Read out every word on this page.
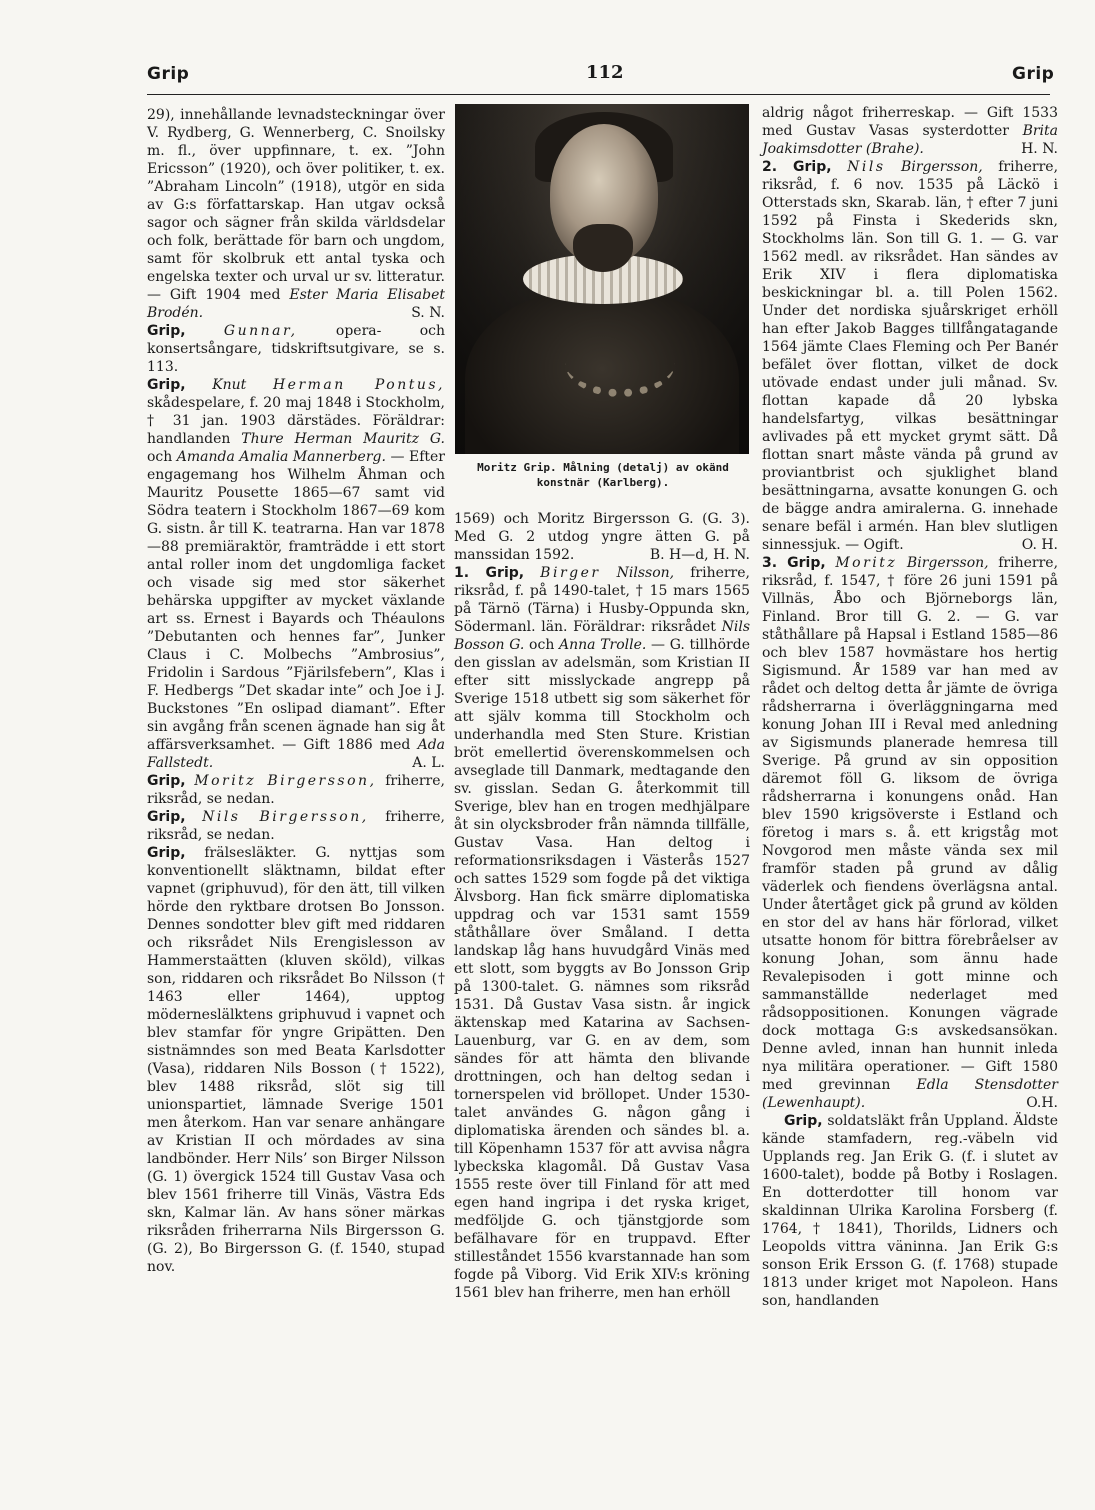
Grip	112	Grip

29), innehållande levnadsteckningar över V. Rydberg, G. Wennerberg, C. Snoilsky m. fl., över uppfinnare, t. ex. ”John Ericsson” (1920), och över politiker, t. ex. ”Abraham Lincoln” (1918), utgör en sida av G:s författarskap. Han utgav också sagor och sägner från skilda världsdelar och folk, berättade för barn och ungdom, samt för skolbruk ett antal tyska och engelska texter och urval ur sv. litteratur. — Gift 1904 med Ester Maria Elisabet Brodén.	S. N.

Grip,	Gunnar, opera- och konsertsångare, tidskriftsutgivare, se s. 113.

Grip, Knut Herman Pontus, skådespelare, f. 20 maj 1848 i Stockholm, † 31 jan. 1903 därstädes. Föräldrar: handlanden Thure Herman Mauritz G. och Amanda Amalia Mannerberg. — Efter engagemang hos Wilhelm Åhman och Mauritz Pousette 1865—67 samt vid Södra teatern i Stockholm 1867—69 kom G. sistn. år till K. teatrarna. Han var 1878—88 premiäraktör, framträdde i ett stort antal roller inom det ungdomliga facket och visade sig med stor säkerhet behärska uppgifter av mycket växlande art ss. Ernest i Bayards och Théaulons ”Debutanten och hennes far”, Junker Claus i C. Molbechs ”Ambrosius”, Fridolin i Sardous ”Fjärilsfebern”, Klas i F. Hedbergs ”Det skadar inte” och Joe i J. Buckstones ”En oslipad diamant”. Efter sin avgång från scenen ägnade han sig åt affärsverksamhet. — Gift 1886 med Ada Fallstedt.	A. L.

Grip, Moritz Birgersson, friherre, riksråd, se nedan.

Grip, Nils Birgersson, friherre, riksråd, se nedan.

Grip, frälsesläkter. G. nyttjas som konventionellt släktnamn, bildat efter vapnet (griphuvud), för den ätt, till vilken hörde den ryktbare drotsen Bo Jonsson. Dennes sondotter blev gift med riddaren och riksrådet Nils Erengislesson av Hammerstaätten (kluven sköld), vilkas son, riddaren och riksrådet Bo Nilsson († 1463 eller 1464), upptog möderneslälktens griphuvud i vapnet och blev stamfar för yngre Gripätten. Den sistnämndes son med Beata Karlsdotter (Vasa), riddaren Nils Bosson († 1522), blev 1488 riksråd, slöt sig till unionspartiet, lämnade Sverige 1501 men återkom. Han var senare anhängare av Kristian II och mördades av sina landbönder. Herr Nils’ son Birger Nilsson (G. 1) övergick 1524 till Gustav Vasa och blev 1561 friherre till Vinäs, Västra Eds skn, Kalmar län. Av hans söner märkas riksråden friherrarna Nils Birgersson G. (G. 2), Bo Birgersson G. (f. 1540, stupad nov.

Moritz Grip. Målning (detalj) av okänd
konstnär (Karlberg).

1569) och Moritz Birgersson G. (G. 3). Med G. 2 utdog yngre ätten G. på manssidan 1592.	B. H—d, H. N.

1. Grip, Birger Nilsson, friherre, riksråd, f. på 1490-talet, † 15 mars 1565 på Tärnö (Tärna) i Husby-Oppunda skn, Södermanl. län. Föräldrar: riksrådet Nils Bosson G. och Anna Trolle. — G. tillhörde den gisslan av adelsmän, som Kristian II efter sitt misslyckade angrepp på Sverige 1518 utbett sig som säkerhet för att själv komma till Stockholm och underhandla med Sten Sture. Kristian bröt emellertid överenskommelsen och avseglade till Danmark, medtagande den sv. gisslan. Sedan G. återkommit till Sverige, blev han en trogen medhjälpare åt sin olycksbroder från nämnda tillfälle, Gustav Vasa. Han deltog i reformationsriksdagen i Västerås 1527 och sattes 1529 som fogde på det viktiga Älvsborg. Han fick smärre diplomatiska uppdrag och var 1531 samt 1559 ståthållare över Småland. I detta landskap låg hans huvudgård Vinäs med ett slott, som byggts av Bo Jonsson Grip på 1300-talet. G. nämnes som riksråd 1531. Då Gustav Vasa sistn. år ingick äktenskap med Katarina av Sachsen-Lauenburg, var G. en av dem, som sändes för att hämta den blivande drottningen, och han deltog sedan i tornerspelen vid bröllopet. Under 1530-talet användes G. någon gång i diplomatiska ärenden och sändes bl. a. till Köpenhamn 1537 för att avvisa några lybeckska klagomål. Då Gustav Vasa 1555 reste över till Finland för att med egen hand ingripa i det ryska kriget, medföljde G. och tjänstgjorde som befälhavare för en truppavd. Efter stilleståndet 1556 kvarstannade han som fogde på Viborg. Vid Erik XIV:s kröning 1561 blev han friherre, men han erhöll

aldrig något friherreskap. — Gift 1533 med Gustav Vasas systerdotter Brita Joakimsdotter (Brahe).	H. N.

2. Grip, Nils Birgersson, friherre, riksråd, f. 6 nov. 1535 på Läckö i Otterstads skn, Skarab. län, † efter 7 juni 1592 på Finsta i Skederids skn, Stockholms län. Son till G. 1. — G. var 1562 medl. av riksrådet. Han sändes av Erik XIV i flera diplomatiska beskickningar bl. a. till Polen 1562. Under det nordiska sjuårskriget erhöll han efter Jakob Bagges tillfångatagande 1564 jämte Claes Fleming och Per Banér befälet över flottan, vilket de dock utövade endast under juli månad. Sv. flottan kapade då 20 lybska handelsfartyg, vilkas besättningar avlivades på ett mycket grymt sätt. Då flottan snart måste vända på grund av proviantbrist och sjuklighet bland besättningarna, avsatte konungen G. och de bägge andra amiralerna. G. innehade senare befäl i armén. Han blev slutligen sinnessjuk. — Ogift.	O. H.

3. Grip, Moritz Birgersson, friherre, riksråd, f. 1547, † före 26 juni 1591 på Villnäs, Åbo och Björneborgs län, Finland. Bror till G. 2. — G. var ståthållare på Hapsal i Estland 1585—86 och blev 1587 hovmästare hos hertig Sigismund. År 1589 var han med av rådet och deltog detta år jämte de övriga rådsherrarna i överläggningarna med konung Johan III i Reval med anledning av Sigismunds planerade hemresa till Sverige. På grund av sin opposition däremot föll G. liksom de övriga rådsherrarna i konungens onåd. Han blev 1590 krigsöverste i Estland och företog i mars s. å. ett krigståg mot Novgorod men måste vända sex mil framför staden på grund av dålig väderlek och fiendens överlägsna antal. Under återtåget gick på grund av kölden en stor del av hans här förlorad, vilket utsatte honom för bittra förebråelser av konung Johan, som ännu hade Revalepisoden i gott minne och sammanställde nederlaget med rådsoppositionen. Konungen vägrade dock mottaga G:s avskedsansökan. Denne avled, innan han hunnit inleda nya militära operationer. — Gift 1580 med grevinnan Edla Stensdotter (Lewenhaupt).	O.H.

Grip, soldatsläkt från Uppland. Äldste kände stamfadern, reg.-väbeln vid Upplands reg. Jan Erik G. (f. i slutet av 1600-talet), bodde på Botby i Roslagen. En dotterdotter till honom var skaldinnan Ulrika Karolina Forsberg (f. 1764, † 1841), Thorilds, Lidners och Leopolds vittra väninna. Jan Erik G:s sonson Erik Ersson G. (f. 1768) stupade 1813 under kriget mot Napoleon. Hans son, handlanden
